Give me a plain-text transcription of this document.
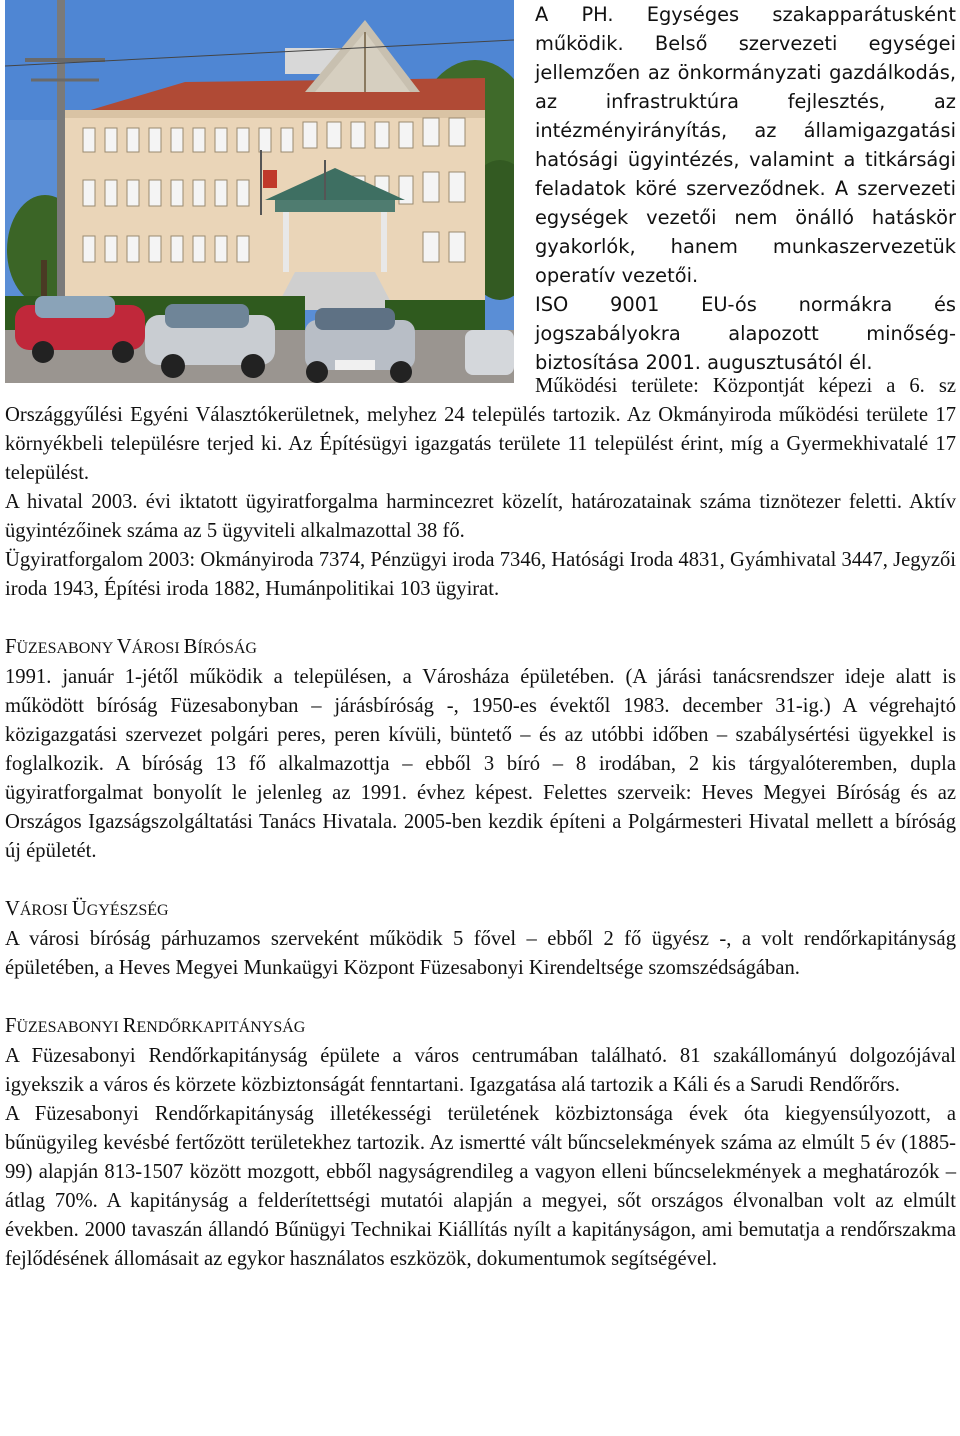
A PH. Egységes szakapparátusként működik. Belső szervezeti egységei jellemzően az önkormányzati gazdálkodás, az infrastruktúra fejlesztés, az intézményirányítás, az államigazgatási hatósági ügyintézés, valamint a titkársági feladatok köré szerveződnek. A szervezeti egységek vezetői nem önálló hatáskör gyakorlók, hanem munkaszervezetük operatív vezetői.

ISO 9001 EU-ós normákra és jogszabályokra alapozott minőség-biztosítása 2001. augusztusától él.

Működési területe: Központját képezi a 6. sz Országgyűlési Egyéni Választókerületnek, melyhez 24 település tartozik. Az Okmányiroda működési területe 17 környékbeli településre terjed ki. Az Építésügyi igazgatás területe 11 települést érint, míg a Gyermekhivatalé 17 települést.

A hivatal 2003. évi iktatott ügyiratforgalma harmincezret közelít, határozatainak száma tiznötezer feletti. Aktív ügyintézőinek száma az 5 ügyviteli alkalmazottal 38 fő.

Ügyiratforgalom 2003: Okmányiroda 7374, Pénzügyi iroda 7346, Hatósági Iroda 4831, Gyámhivatal 3447, Jegyzői iroda 1943, Építési iroda 1882, Humánpolitikai 103 ügyirat.

FÜZESABONY VÁROSI BÍRÓSÁG

1991. január 1-jétől működik a településen, a Városháza épületében. (A járási tanácsrendszer ideje alatt is működött bíróság Füzesabonyban – járásbíróság -, 1950-es évektől 1983. december 31-ig.) A végrehajtó közigazgatási szervezet polgári peres, peren kívüli, büntető – és az utóbbi időben – szabálysértési ügyekkel is foglalkozik. A bíróság 13 fő alkalmazottja – ebből 3 bíró – 8 irodában, 2 kis tárgyalóteremben, dupla ügyiratforgalmat bonyolít le jelenleg az 1991. évhez képest. Felettes szerveik: Heves Megyei Bíróság és az Országos Igazságszolgáltatási Tanács Hivatala. 2005-ben kezdik építeni a Polgármesteri Hivatal mellett a bíróság új épületét.

VÁROSI ÜGYÉSZSÉG

A városi bíróság párhuzamos szerveként működik 5 fővel – ebből 2 fő ügyész -, a volt rendőrkapitányság épületében, a Heves Megyei Munkaügyi Központ Füzesabonyi Kirendeltsége szomszédságában.

FÜZESABONYI RENDŐRKAPITÁNYSÁG

A Füzesabonyi Rendőrkapitányság épülete a város centrumában található. 81 szakállományú dolgozójával igyekszik a város és körzete közbiztonságát fenntartani. Igazgatása alá tartozik a Káli és a Sarudi Rendőrőrs.

A Füzesabonyi Rendőrkapitányság illetékességi területének közbiztonsága évek óta kiegyensúlyozott, a bűnügyileg kevésbé fertőzött területekhez tartozik. Az ismertté vált bűncselekmények száma az elmúlt 5 év (1885-99) alapján 813-1507 között mozgott, ebből nagyságrendileg a vagyon elleni bűncselekmények a meghatározók – átlag 70%. A kapitányság a felderítettségi mutatói alapján a megyei, sőt országos élvonalban volt az elmúlt években. 2000 tavaszán állandó Bűnügyi Technikai Kiállítás nyílt a kapitányságon, ami bemutatja a rendőrszakma fejlődésének állomásait az egykor használatos eszközök, dokumentumok segítségével.
